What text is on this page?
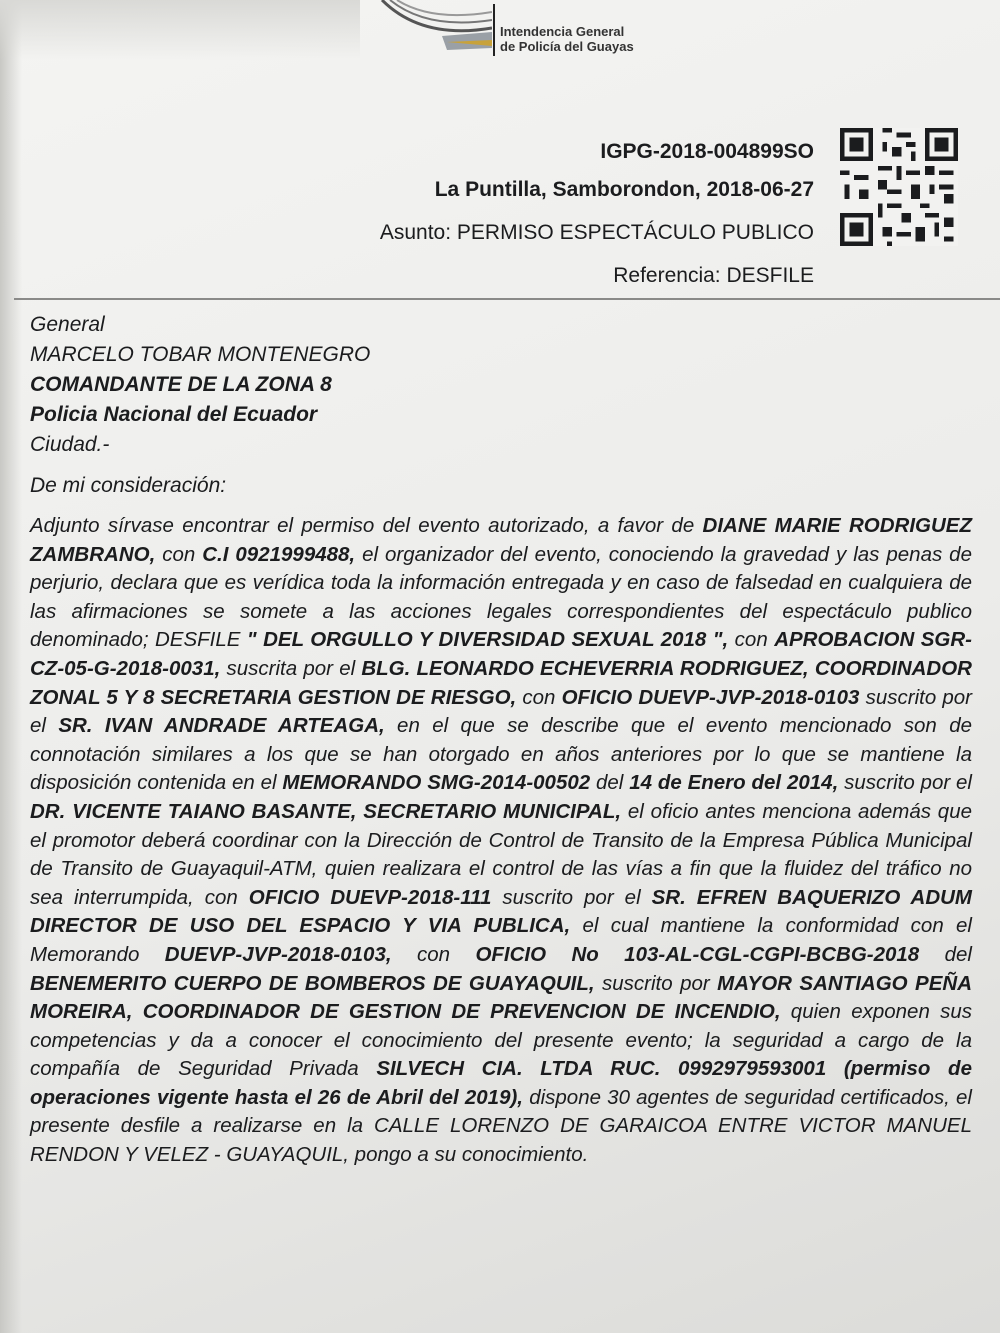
Intendencia General
de Policía del Guayas
IGPG-2018-004899SO
La Puntilla, Samborondon, 2018-06-27
Asunto: PERMISO ESPECTÁCULO PUBLICO
Referencia: DESFILE
General
MARCELO TOBAR MONTENEGRO
COMANDANTE DE LA ZONA 8
Policia Nacional del Ecuador
Ciudad.-
De mi consideración:
Adjunto sírvase encontrar el permiso del evento autorizado, a favor de DIANE MARIE RODRIGUEZ ZAMBRANO, con C.I 0921999488, el organizador del evento, conociendo la gravedad y las penas de perjurio, declara que es verídica toda la información entregada y en caso de falsedad en cualquiera de las afirmaciones se somete a las acciones legales correspondientes del espectáculo publico denominado; DESFILE " DEL ORGULLO Y DIVERSIDAD SEXUAL 2018 ", con APROBACION SGR-CZ-05-G-2018-0031, suscrita por el BLG. LEONARDO ECHEVERRIA RODRIGUEZ, COORDINADOR ZONAL 5 Y 8 SECRETARIA GESTION DE RIESGO, con OFICIO DUEVP-JVP-2018-0103 suscrito por el SR. IVAN ANDRADE ARTEAGA, en el que se describe que el evento mencionado son de connotación similares a los que se han otorgado en años anteriores por lo que se mantiene la disposición contenida en el MEMORANDO SMG-2014-00502 del 14 de Enero del 2014, suscrito por el DR. VICENTE TAIANO BASANTE, SECRETARIO MUNICIPAL, el oficio antes menciona además que el promotor deberá coordinar con la Dirección de Control de Transito de la Empresa Pública Municipal de Transito de Guayaquil-ATM, quien realizara el control de las vías a fin que la fluidez del tráfico no sea interrumpida, con OFICIO DUEVP-2018-111 suscrito por el SR. EFREN BAQUERIZO ADUM DIRECTOR DE USO DEL ESPACIO Y VIA PUBLICA, el cual mantiene la conformidad con el Memorando DUEVP-JVP-2018-0103, con OFICIO No 103-AL-CGL-CGPI-BCBG-2018 del BENEMERITO CUERPO DE BOMBEROS DE GUAYAQUIL, suscrito por MAYOR SANTIAGO PEÑA MOREIRA, COORDINADOR DE GESTION DE PREVENCION DE INCENDIO, quien exponen sus competencias y da a conocer el conocimiento del presente evento; la seguridad a cargo de la compañía de Seguridad Privada SILVECH CIA. LTDA RUC. 0992979593001 (permiso de operaciones vigente hasta el 26 de Abril del 2019), dispone 30 agentes de seguridad certificados, el presente desfile a realizarse en la CALLE LORENZO DE GARAICOA ENTRE VICTOR MANUEL RENDON Y VELEZ - GUAYAQUIL, pongo a su conocimiento.
